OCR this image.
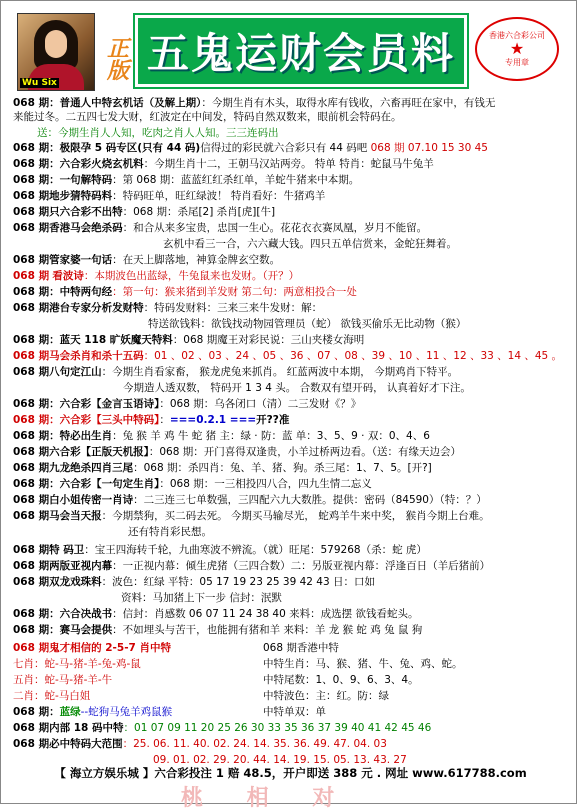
Wu Six
正版 五鬼运财会员料	香港六合彩公司
★
专用章
068 期：普通人中特玄机话（及解上期）：今期生肖有木头，取得水库有钱收，六畜再旺在家中，有钱无
来能过冬。二五四七发大财，红波定在中间发，特码自然双数来，眼前机会特码在。
送：今期生肖人人知，吃肉之肖人人知。三三连码出
068 期：极限孕 5 码专区(只有 44 码)信得过的彩民就六合彩只有 44 码吧 068 期 07.10 15 30 45
068 期：六合彩火烧玄机料：今期生肖十二，王朝马汉站两旁。 特单 特肖：蛇鼠马牛兔羊
068 期：一句解特码：第 068 期：蓝蓝红红杀红单，羊蛇牛猪来中本期。
068 期地步猜特码料：特码旺单，旺红绿波！ 特肖看好：牛猪鸡羊
068 期只六合彩不出特：068 期：杀尾[2] 杀肖[虎][牛]
068 期香港马会绝杀码：和合从来多宝贵，忠国一生心。花花衣衣赛凤凰，岁月不能留。
玄机中看三一合，六六藏大钱。四只五单信赏来，金蛇狂舞着。
068 期管家婆一句话：在天上脚落地，神算金牌玄空数。
068 期 看波诗：本期波色出蓝绿，牛兔鼠来也发财。（开？）
068 期：中特两句经：第一句：猴来猪到羊发财 第二句：两意相投合一处
068 期港台专家分析发财特：特码发财料：三来三来牛发财：解：
特送欲钱料：欲钱找动物园管理员（蛇） 欲钱买偷乐无比动物（猴）
068 期：蓝天 118 旷妖魔天特料：068 期魔王对彩民说：三山夹楼女海明
068 期马会杀肖和杀十五码：01 、02 、03 、24 、05 、36 、07 、08 、39 、10 、11 、12 、33 、14 、45 。
068 期八句定江山：今期生肖看家畜， 猴龙虎兔来抓肖。 红蓝两波中本期， 今期鸡肖下特平。
今期造人透双数， 特码开 1 3 4 头。 合数双有望开码， 认真着好才下注。
068 期：六合彩【金言玉语诗】：068 期：乌各闭口（清）二三发财《？》
068 期：六合彩【三头中特码】：===0.2.1 ===开??准
068 期：特必出生肖：兔 猴 羊 鸡 牛 蛇 猪 主：绿 · 防：蓝 单：3、5、9 · 双：0、4、6
068 期六合彩【正版天机报】：068 期：开门喜得双逢贵，小羊过桥两边看。（送：有缘天边会）
068 期九龙绝杀四肖三尾：068 期：杀四肖：兔、羊、猪、狗。杀三尾：1、7、5。[开?]
068 期：六合彩【一句定生肖】：068 期：一三相投四八合，四九生情二忘义
068 期白小姐传密一肖诗：二三连三七单数强，三四配六九大数胜。提供：密码（84590）（特：？）
068 期马会当天报：今期禁狗，买二码去死。 今期买马输尽光， 蛇鸡羊牛来中奖， 猴肖今期上台难。
还有特肖彩民想。
068 期特 码卫：宝王四海转千轮，九曲寒波不辨流。（就）旺尾：579268（杀：蛇 虎）
068 期两版亚视内幕：一正视内幕：倾生虎猪（三四合数）二：另版亚视内幕：浮逢百日（羊后猪前）
068 期双龙戏珠料：波色：红绿 平特：05 17 19 23 25 39 42 43 日：口如
资料：马加猪上下一步 信封：泯默
068 期：六合决战书：信封：肖感数 06 07 11 24 38 40 来料：成选摆 欲钱看蛇头。
068 期：赛马会提供：不如埋头与苦干，也能拥有猪和羊 来料：羊 龙 猴 蛇 鸡 兔 鼠 狗
068 期鬼才相信的 2-5-7 肖中特	068 期香港中特
七肖：蛇-马-猪-羊-兔-鸡-鼠	中特生肖：马、猴、猪、牛、兔、鸡、蛇。
五肖：蛇-马-猪-羊-牛	中特尾数：1、0、9、6、3、4。
二肖：蛇-马白姐	中特波色：主：红。防：绿
068 期：蓝绿--蛇狗马兔羊鸡鼠猴	中特单双：单
068 期内部 18 码中特：01 07 09 11 20 25 26 30 33 35 36 37 39 40 41 42 45 46
068 期必中特码大范围：25. 06. 11. 40. 02. 24. 14. 35. 36. 49. 47. 04. 03
09. 01. 02. 29. 20. 44. 14. 19. 15. 05. 13. 43. 27
【 海立方娱乐城 】六合彩投注 1 赔 48.5，开户即送 388 元 . 网址 www.617788.com
桃 相 对
